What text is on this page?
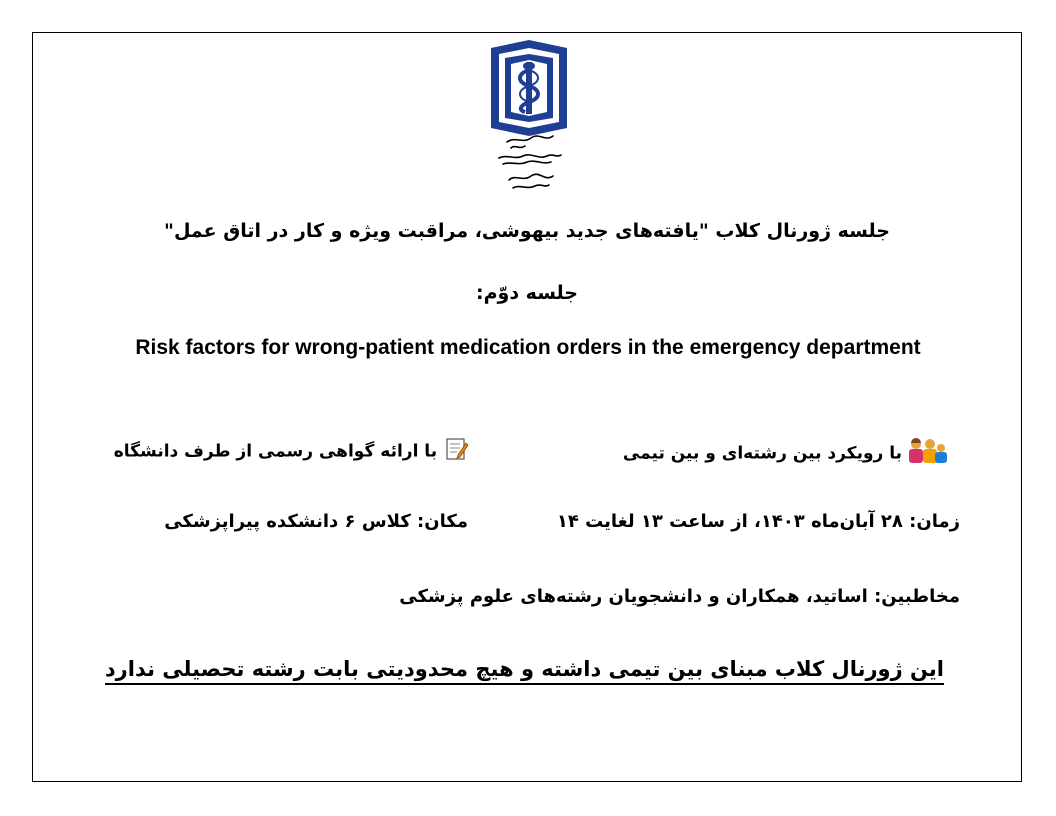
جلسه ژورنال کلاب "یافته‌های جدید بیهوشی، مراقبت ویژه و کار در اتاق عمل"
جلسه دوّم:
Risk factors for wrong-patient medication orders in the emergency department
با رویکرد بین رشته‌ای و بین تیمی
با ارائه گواهی رسمی از طرف دانشگاه
زمان: ۲۸ آبان‌ماه ۱۴۰۳، از ساعت ۱۳ لغایت ۱۴
مکان: کلاس ۶ دانشکده پیراپزشکی
مخاطبین: اساتید، همکاران و دانشجویان رشته‌های علوم پزشکی
این ژورنال کلاب مبنای بین تیمی داشته و هیچ محدودیتی بابت رشته تحصیلی ندارد
